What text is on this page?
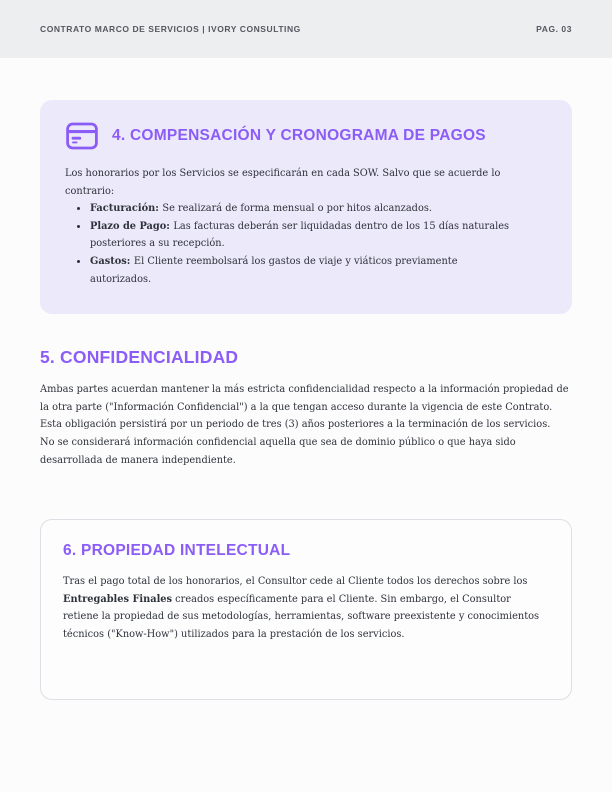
CONTRATO MARCO DE SERVICIOS | IVORY CONSULTING	PAG. 03
4. COMPENSACIÓN Y CRONOGRAMA DE PAGOS

Los honorarios por los Servicios se especificarán en cada SOW. Salvo que se acuerde lo contrario:

• Facturación: Se realizará de forma mensual o por hitos alcanzados.
• Plazo de Pago: Las facturas deberán ser liquidadas dentro de los 15 días naturales posteriores a su recepción.
• Gastos: El Cliente reembolsará los gastos de viaje y viáticos previamente autorizados.
5. CONFIDENCIALIDAD

Ambas partes acuerdan mantener la más estricta confidencialidad respecto a la información propiedad de la otra parte ("Información Confidencial") a la que tengan acceso durante la vigencia de este Contrato. Esta obligación persistirá por un periodo de tres (3) años posteriores a la terminación de los servicios.

No se considerará información confidencial aquella que sea de dominio público o que haya sido desarrollada de manera independiente.

6. PROPIEDAD INTELECTUAL

Tras el pago total de los honorarios, el Consultor cede al Cliente todos los derechos sobre los Entregables Finales creados específicamente para el Cliente. Sin embargo, el Consultor retiene la propiedad de sus metodologías, herramientas, software preexistente y conocimientos técnicos ("Know-How") utilizados para la prestación de los servicios.
